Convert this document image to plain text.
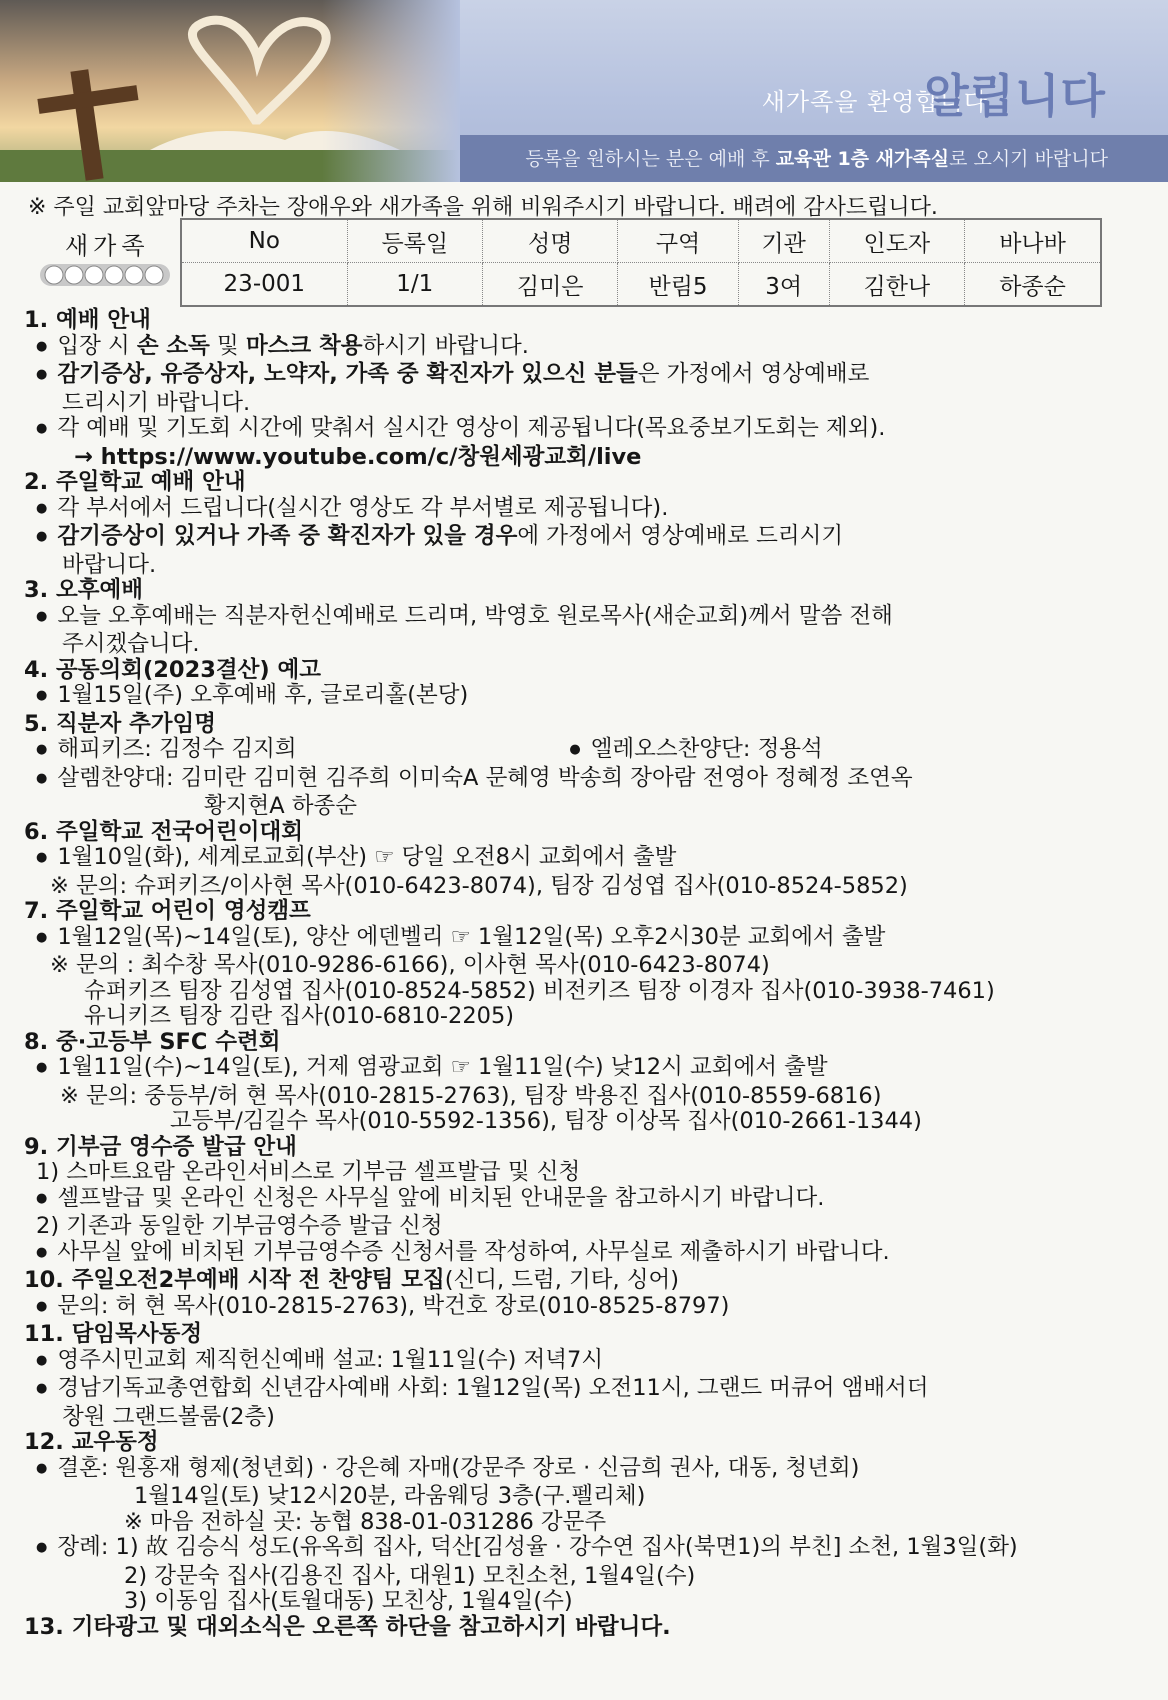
새가족을 환영합니다
알립니다
등록을 원하시는 분은 예배 후 교육관 1층 새가족실로 오시기 바랍니다
※ 주일 교회앞마당 주차는 장애우와 새가족을 위해 비워주시기 바랍니다. 배려에 감사드립니다.
새가족	No	등록일	성명	구역	기관	인도자	바나바
23-001	1/1	김미은	반림5	3여	김한나	하종순

1. 예배 안내

● 입장 시 손 소독 및 마스크 착용하시기 바랍니다.

● 감기증상, 유증상자, 노약자, 가족 중 확진자가 있으신 분들은 가정에서 영상예배로

드리시기 바랍니다.

● 각 예배 및 기도회 시간에 맞춰서 실시간 영상이 제공됩니다(목요중보기도회는 제외).

→ https://www.youtube.com/c/창원세광교회/live

2. 주일학교 예배 안내

● 각 부서에서 드립니다(실시간 영상도 각 부서별로 제공됩니다).

● 감기증상이 있거나 가족 중 확진자가 있을 경우에 가정에서 영상예배로 드리시기

바랍니다.

3. 오후예배

● 오늘 오후예배는 직분자헌신예배로 드리며, 박영호 원로목사(새순교회)께서 말씀 전해

주시겠습니다.

4. 공동의회(2023결산) 예고

● 1월15일(주) 오후예배 후, 글로리홀(본당)

5. 직분자 추가임명

● 해피키즈: 김정수 김지희	● 엘레오스찬양단: 정용석

● 살렘찬양대: 김미란 김미현 김주희 이미숙A 문혜영 박송희 장아람 전영아 정혜정 조연옥

황지현A 하종순

6. 주일학교 전국어린이대회

● 1월10일(화), 세계로교회(부산) ☞ 당일 오전8시 교회에서 출발

※ 문의: 슈퍼키즈/이사현 목사(010-6423-8074), 팀장 김성엽 집사(010-8524-5852)

7. 주일학교 어린이 영성캠프

● 1월12일(목)~14일(토), 양산 에덴벨리 ☞ 1월12일(목) 오후2시30분 교회에서 출발

※ 문의 : 최수창 목사(010-9286-6166), 이사현 목사(010-6423-8074)

슈퍼키즈 팀장 김성엽 집사(010-8524-5852) 비전키즈 팀장 이경자 집사(010-3938-7461)

유니키즈 팀장 김란 집사(010-6810-2205)

8. 중·고등부 SFC 수련회

● 1월11일(수)~14일(토), 거제 염광교회 ☞ 1월11일(수) 낮12시 교회에서 출발

※ 문의: 중등부/허 현 목사(010-2815-2763), 팀장 박용진 집사(010-8559-6816)

고등부/김길수 목사(010-5592-1356), 팀장 이상목 집사(010-2661-1344)

9. 기부금 영수증 발급 안내

1) 스마트요람 온라인서비스로 기부금 셀프발급 및 신청

● 셀프발급 및 온라인 신청은 사무실 앞에 비치된 안내문을 참고하시기 바랍니다.

2) 기존과 동일한 기부금영수증 발급 신청

● 사무실 앞에 비치된 기부금영수증 신청서를 작성하여, 사무실로 제출하시기 바랍니다.

10. 주일오전2부예배 시작 전 찬양팀 모집(신디, 드럼, 기타, 싱어)

● 문의: 허 현 목사(010-2815-2763), 박건호 장로(010-8525-8797)

11. 담임목사동정

● 영주시민교회 제직헌신예배 설교: 1월11일(수) 저녁7시

● 경남기독교총연합회 신년감사예배 사회: 1월12일(목) 오전11시, 그랜드 머큐어 앰배서더

창원 그랜드볼룸(2층)

12. 교우동정

● 결혼: 원홍재 형제(청년회) · 강은혜 자매(강문주 장로 · 신금희 권사, 대동, 청년회)

1월14일(토) 낮12시20분, 라움웨딩 3층(구.펠리체)

※ 마음 전하실 곳: 농협 838-01-031286 강문주

● 장례: 1) 故 김승식 성도(유옥희 집사, 덕산[김성율 · 강수연 집사(북면1)의 부친] 소천, 1월3일(화)

2) 강문숙 집사(김용진 집사, 대원1) 모친소천, 1월4일(수)

3) 이동임 집사(토월대동) 모친상, 1월4일(수)

13. 기타광고 및 대외소식은 오른쪽 하단을 참고하시기 바랍니다.
